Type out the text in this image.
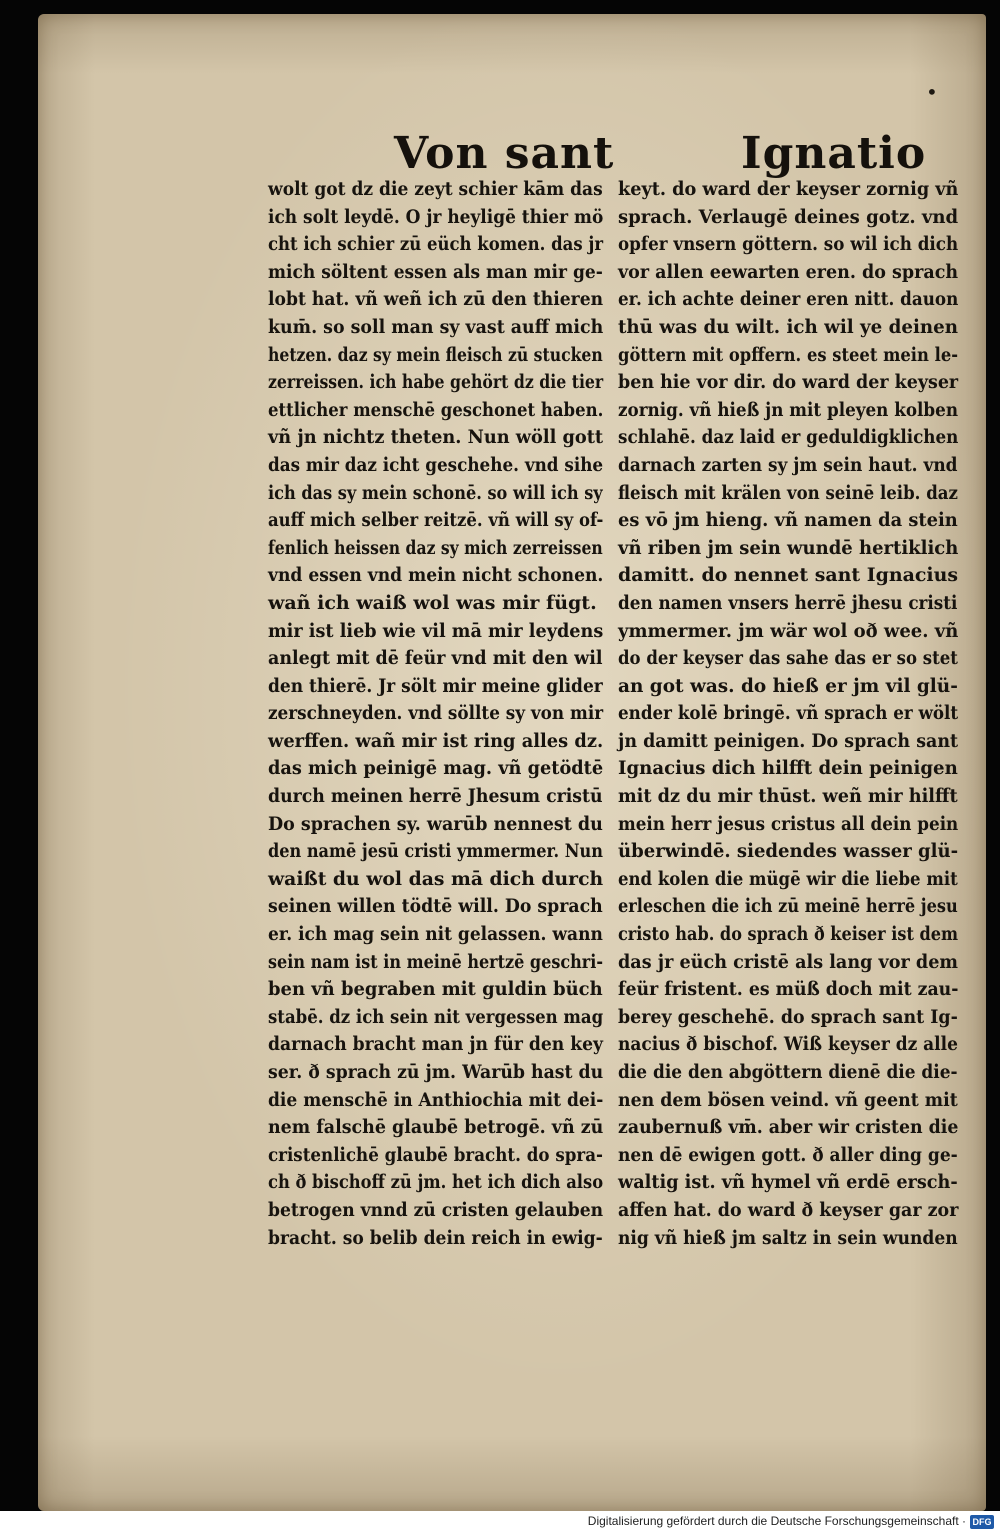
•
Von sant	Ignatio
wolt got dz die zeyt schier kām das
ich solt leydē. O jr heyligē thier mö
cht ich schier zū eüch komen. das jr
mich söltent essen als man mir ge-
lobt hat. vñ weñ ich zū den thieren
kum̄. so soll man sy vast auff mich
hetzen. daz sy mein fleisch zū stucken
zerreissen. ich habe gehört dz die tier
ettlicher menschē geschonet haben.
vñ jn nichtz theten. Nun wöll gott
das mir daz icht geschehe. vnd sihe
ich das sy mein schonē. so will ich sy
auff mich selber reitzē. vñ will sy of-
fenlich heissen daz sy mich zerreissen
vnd essen vnd mein nicht schonen.
wañ ich waiß wol was mir fügt.
mir ist lieb wie vil mā mir leydens
anlegt mit dē feür vnd mit den wil
den thierē. Jr sölt mir meine glider
zerschneyden. vnd söllte sy von mir
werffen. wañ mir ist ring alles dz.
das mich peinigē mag. vñ getödtē
durch meinen herrē Jhesum cristū
Do sprachen sy. warūb nennest du
den namē jesū cristi ymmermer. Nun
waißt du wol das mā dich durch
seinen willen tödtē will. Do sprach
er. ich mag sein nit gelassen. wann
sein nam ist in meinē hertzē geschri-
ben vñ begraben mit guldin büch
stabē. dz ich sein nit vergessen mag
darnach bracht man jn für den key
ser. ð sprach zū jm. Warūb hast du
die menschē in Anthiochia mit dei-
nem falschē glaubē betrogē. vñ zū
cristenlichē glaubē bracht. do spra-
ch ð bischoff zū jm. het ich dich also
betrogen vnnd zū cristen gelauben
bracht. so belib dein reich in ewig-
keyt. do ward der keyser zornig vñ
sprach. Verlaugē deines gotz. vnd
opfer vnsern göttern. so wil ich dich
vor allen eewarten eren. do sprach
er. ich achte deiner eren nitt. dauon
thū was du wilt. ich wil ye deinen
göttern mit opffern. es steet mein le-
ben hie vor dir. do ward der keyser
zornig. vñ hieß jn mit pleyen kolben
schlahē. daz laid er geduldigklichen
darnach zarten sy jm sein haut. vnd
fleisch mit krälen von seinē leib. daz
es vō jm hieng. vñ namen da stein
vñ riben jm sein wundē hertiklich
damitt. do nennet sant Ignacius
den namen vnsers herrē jhesu cristi
ymmermer. jm wär wol oð wee. vñ
do der keyser das sahe das er so stet
an got was. do hieß er jm vil glü-
ender kolē bringē. vñ sprach er wölt
jn damitt peinigen. Do sprach sant
Ignacius dich hilfft dein peinigen
mit dz du mir thūst. weñ mir hilfft
mein herr jesus cristus all dein pein
überwindē. siedendes wasser glü-
end kolen die mügē wir die liebe mit
erleschen die ich zū meinē herrē jesu
cristo hab. do sprach ð keiser ist dem
das jr eüch cristē als lang vor dem
feür fristent. es müß doch mit zau-
berey geschehē. do sprach sant Ig-
nacius ð bischof. Wiß keyser dz alle
die die den abgöttern dienē die die-
nen dem bösen veind. vñ geent mit
zaubernuß vm̄. aber wir cristen die
nen dē ewigen gott. ð aller ding ge-
waltig ist. vñ hymel vñ erdē ersch-
affen hat. do ward ð keyser gar zor
nig vñ hieß jm saltz in sein wunden
Digitalisierung gefördert durch die Deutsche Forschungsgemeinschaft · DFG
